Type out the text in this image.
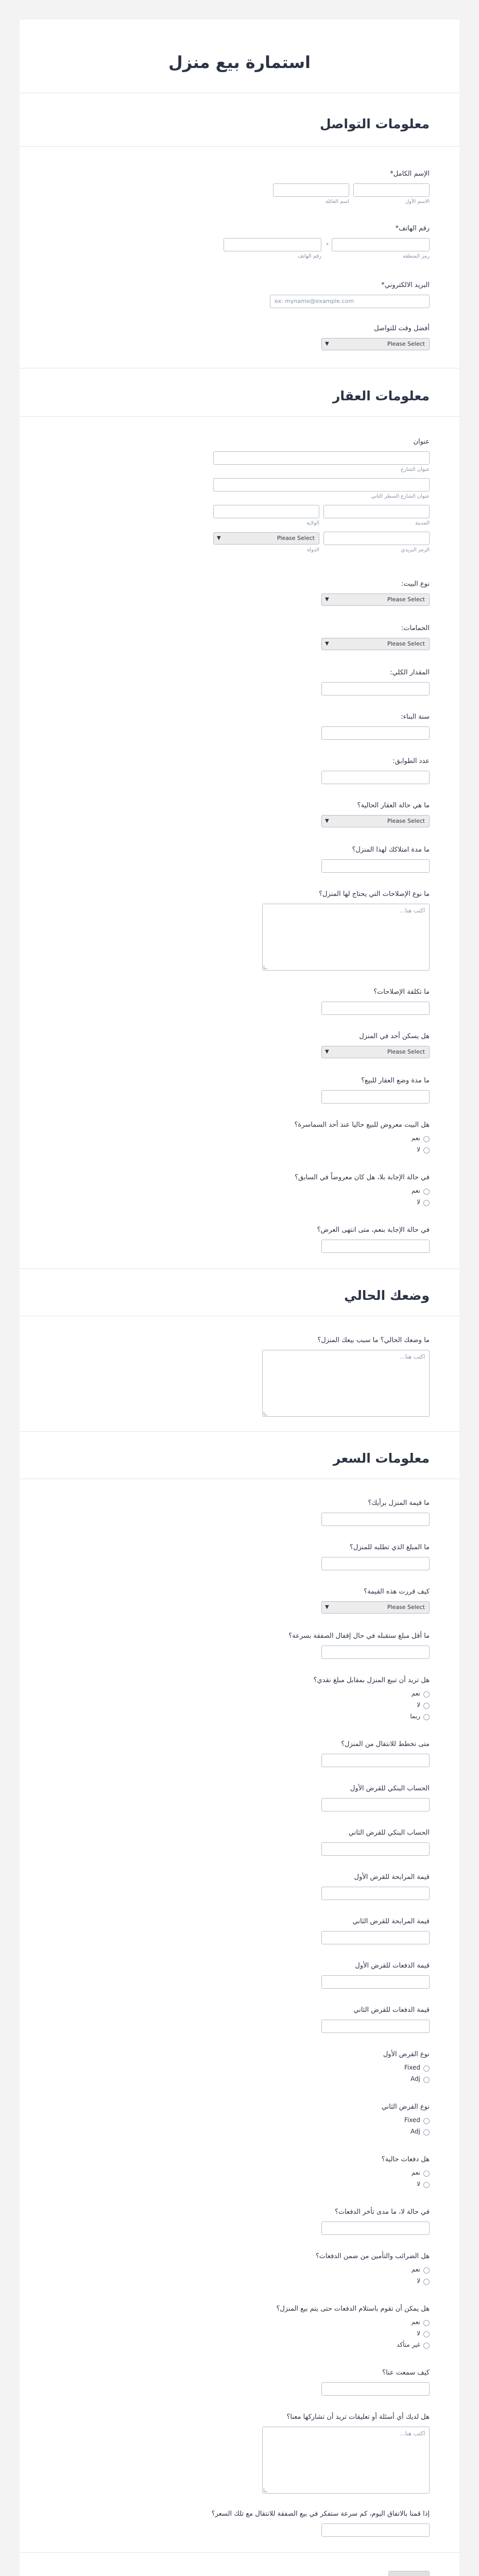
استمارة بيع منزل
معلومات التواصل
الإسم الكامل*
الاسم الأول
اسم العائلة
رقم الهاتف*
رمز المنطقة
-
رقم الهاتف
البريد الالكتروني*
ex: myname@example.com
أفضل وقت للتواصل
Please Select
▼
معلومات العقار
عنوان
عنوان الشارع
عنوان الشارع السطر الثاني
المدينة
الولاية
الرمز البريدي
Please Select
▼
الدولة
نوع البيت:
Please Select
▼
الحمامات:
Please Select
▼
المقدار الكلي:
سنة البناء:
عدد الطوابق:
ما هي حالة العقار الحالية؟
Please Select
▼
ما مدة امتلاكك لهذا المنزل؟
ما نوع الإصلاحات التي يحتاج لها المنزل؟
اكتب هنا...
ما تكلفة الإصلاحات؟
هل يسكن أحد في المنزل
Please Select
▼
ما مدة وضع العقار للبيع؟
هل البيت معروض للبيع حاليا عند أحد السماسرة؟
نعم
لا
في حالة الإجابة بلا، هل كان معروضاً في السابق؟
نعم
لا
في حالة الإجابة بنعم، متى انتهى العرض؟
وضعك الحالي
ما وضعك الحالي؟ ما سبب بيعك المنزل؟
اكتب هنا...
معلومات السعر
ما قيمة المنزل برأيك؟
ما المبلغ الذي تطلبه للمنزل؟
كيف قررت هذه القيمة؟
Please Select
▼
ما أقل مبلغ ستقبله في حال إقفال الصفقة بسرعة؟
هل تريد أن تبيع المنزل بمقابل مبلغ نقدي؟
نعم
لا
ربما
متى تخطط للانتقال من المنزل؟
الحساب البنكي للقرض الأول
الحساب البنكي للقرض الثاني
قيمة المرابحة للقرض الأول
قيمة المرابحة للقرض الثاني
قيمة الدفعات للقرض الأول
قيمة الدفعات للقرض الثاني
نوع القرض الأول
Fixed
Adj
نوع القرض الثاني
Fixed
Adj
هل دفعات حالية؟
نعم
لا
في حالة لا، ما مدى تأخر الدفعات؟
هل الضرائب والتأمين من ضمن الدفعات؟
نعم
لا
هل يمكن أن تقوم باستلام الدفعات حتى يتم بيع المنزل؟
نعم
لا
غير متأكد
كيف سمعت عنا؟
هل لديك أي أسئلة أو تعليقات تريد أن تشاركها معنا؟
اكتب هنا...
إذا قمنا بالاتفاق اليوم، كم سرعة ستفكر في بيع الصفقة للانتقال مع تلك السعر؟
